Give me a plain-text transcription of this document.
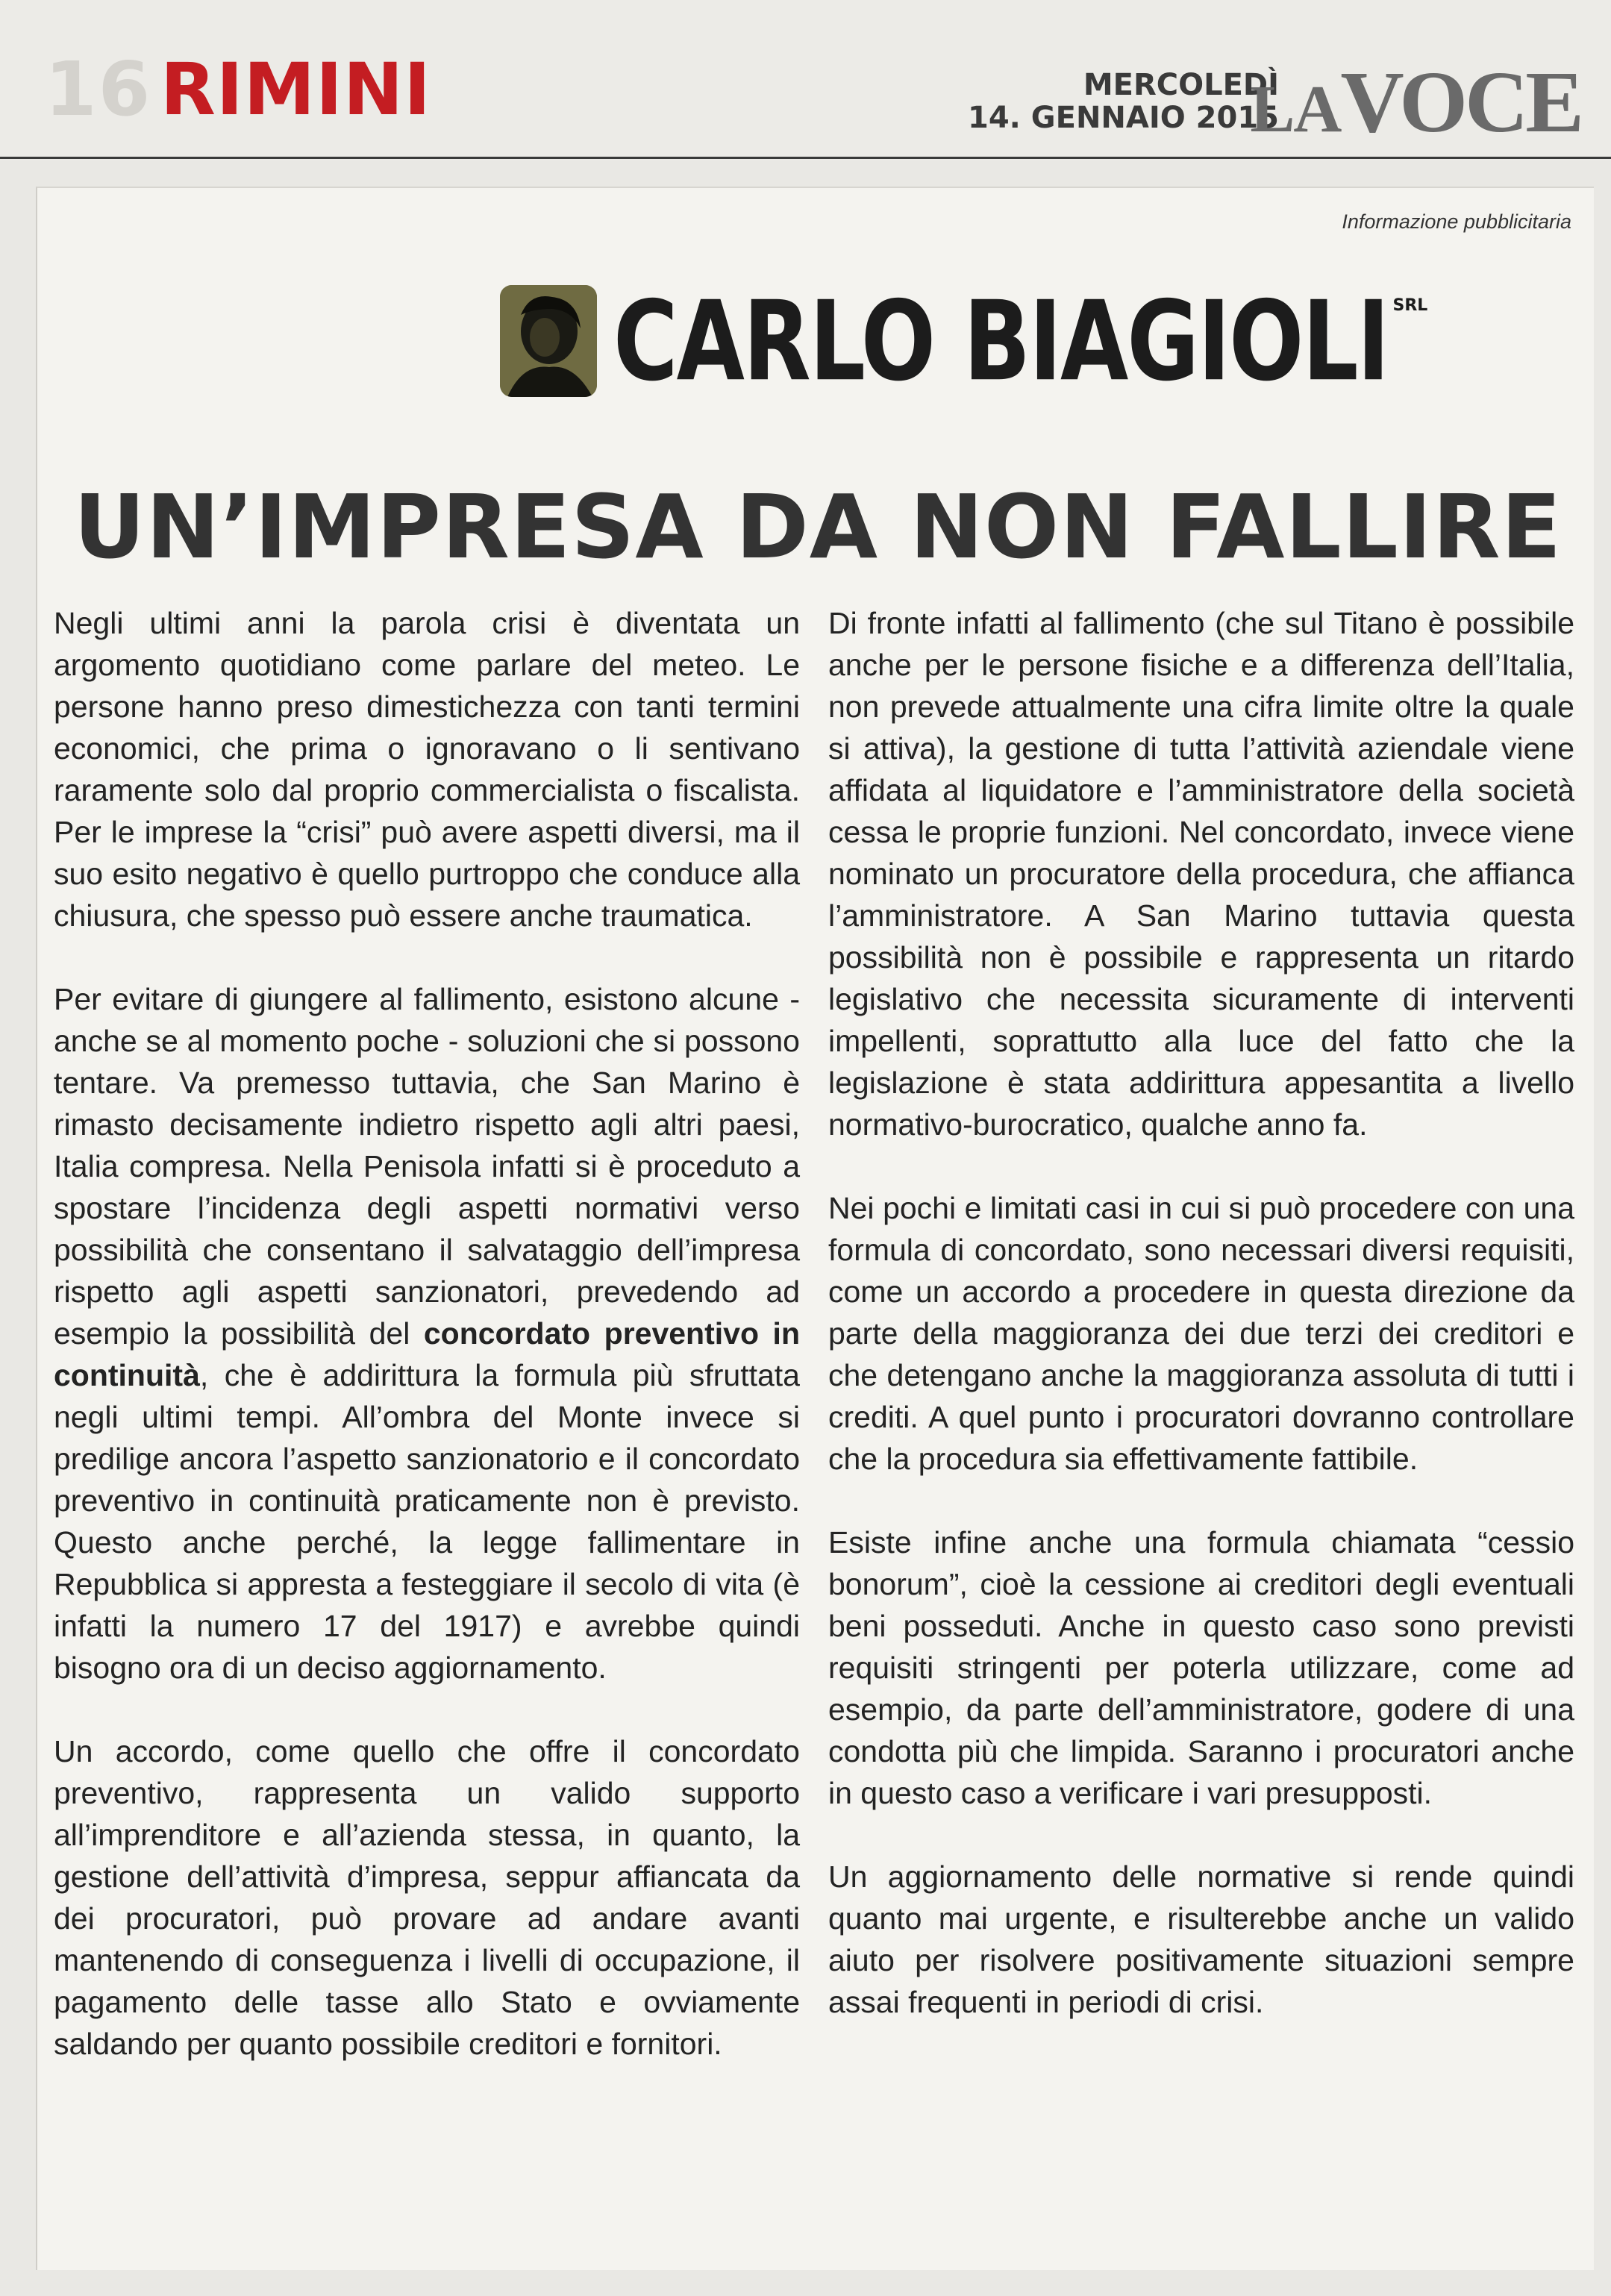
16 RIMINI	MERCOLEDÌ
14. GENNAIO 2015
LAVOCE
Informazione pubblicitaria
CARLO BIAGIOLI SRL
UN’IMPRESA DA NON FALLIRE

Negli ultimi anni la parola crisi è diventata un argomento quotidiano come parlare del meteo. Le persone hanno preso dimestichezza con tanti termini economici, che prima o ignoravano o li sentivano raramente solo dal proprio commercialista o fiscalista. Per le imprese la “crisi” può avere aspetti diversi, ma il suo esito negativo è quello purtroppo che conduce alla chiusura, che spesso può essere anche traumatica.

Per evitare di giungere al fallimento, esistono alcune - anche se al momento poche - soluzioni che si possono tentare. Va premesso tuttavia, che San Marino è rimasto decisamente indietro rispetto agli altri paesi, Italia compresa. Nella Penisola infatti si è proceduto a spostare l’incidenza degli aspetti normativi verso possibilità che consentano il salvataggio dell’impresa rispetto agli aspetti sanzionatori, prevedendo ad esempio la possibilità del concordato preventivo in continuità, che è addirittura la formula più sfruttata negli ultimi tempi. All’ombra del Monte invece si predilige ancora l’aspetto sanzionatorio e il concordato preventivo in continuità praticamente non è previsto. Questo anche perché, la legge fallimentare in Repubblica si appresta a festeggiare il secolo di vita (è infatti la numero 17 del 1917) e avrebbe quindi bisogno ora di un deciso aggiornamento.

Un accordo, come quello che offre il concordato preventivo, rappresenta un valido supporto all’imprenditore e all’azienda stessa, in quanto, la gestione dell’attività d’impresa, seppur affiancata da dei procuratori, può provare ad andare avanti mantenendo di conseguenza i livelli di occupazione, il pagamento delle tasse allo Stato e ovviamente saldando per quanto possibile creditori e fornitori.

Di fronte infatti al fallimento (che sul Titano è possibile anche per le persone fisiche e a differenza dell’Italia, non prevede attualmente una cifra limite oltre la quale si attiva), la gestione di tutta l’attività aziendale viene affidata al liquidatore e l’amministratore della società cessa le proprie funzioni. Nel concordato, invece viene nominato un procuratore della procedura, che affianca l’amministratore. A San Marino tuttavia questa possibilità non è possibile e rappresenta un ritardo legislativo che necessita sicuramente di interventi impellenti, soprattutto alla luce del fatto che la legislazione è stata addirittura appesantita a livello normativo-burocratico, qualche anno fa.

Nei pochi e limitati casi in cui si può procedere con una formula di concordato, sono necessari diversi requisiti, come un accordo a procedere in questa direzione da parte della maggioranza dei due terzi dei creditori e che detengano anche la maggioranza assoluta di tutti i crediti. A quel punto i procuratori dovranno controllare che la procedura sia effettivamente fattibile.

Esiste infine anche una formula chiamata “cessio bonorum”, cioè la cessione ai creditori degli eventuali beni posseduti. Anche in questo caso sono previsti requisiti stringenti per poterla utilizzare, come ad esempio, da parte dell’amministratore, godere di una condotta più che limpida. Saranno i procuratori anche in questo caso a verificare i vari presupposti.

Un aggiornamento delle normative si rende quindi quanto mai urgente, e risulterebbe anche un valido aiuto per risolvere positivamente situazioni sempre assai frequenti in periodi di crisi.
